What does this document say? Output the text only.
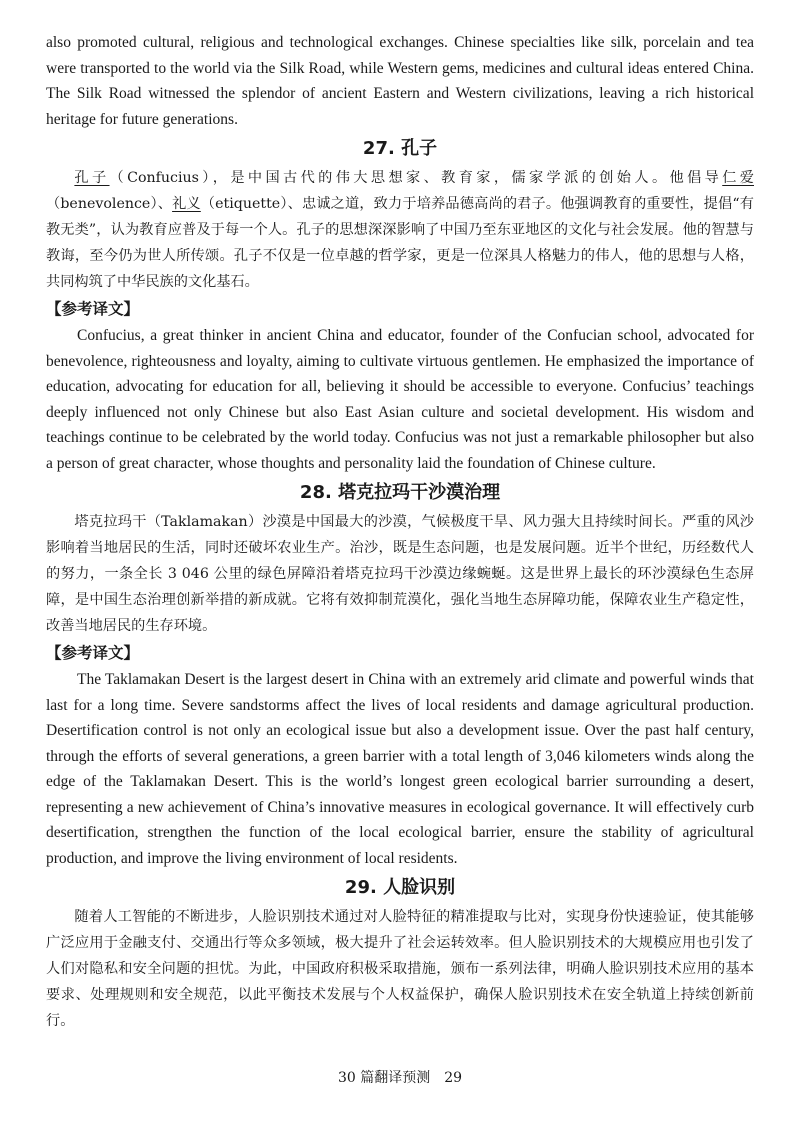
also promoted cultural, religious and technological exchanges. Chinese specialties like silk, porcelain and tea were transported to the world via the Silk Road, while Western gems, medicines and cultural ideas entered China. The Silk Road witnessed the splendor of ancient Eastern and Western civilizations, leaving a rich historical heritage for future generations.

27. 孔子

孔子（Confucius），是中国古代的伟大思想家、教育家，儒家学派的创始人。他倡导仁爱（benevolence）、礼义（etiquette）、忠诚之道，致力于培养品德高尚的君子。他强调教育的重要性，提倡“有教无类”，认为教育应普及于每一个人。孔子的思想深深影响了中国乃至东亚地区的文化与社会发展。他的智慧与教诲，至今仍为世人所传颂。孔子不仅是一位卓越的哲学家，更是一位深具人格魅力的伟人，他的思想与人格，共同构筑了中华民族的文化基石。

【参考译文】

Confucius, a great thinker in ancient China and educator, founder of the Confucian school, advocated for benevolence, righteousness and loyalty, aiming to cultivate virtuous gentlemen. He emphasized the importance of education, advocating for education for all, believing it should be accessible to everyone. Confucius’ teachings deeply influenced not only Chinese but also East Asian culture and societal development. His wisdom and teachings continue to be celebrated by the world today. Confucius was not just a remarkable philosopher but also a person of great character, whose thoughts and personality laid the foundation of Chinese culture.

28. 塔克拉玛干沙漠治理

塔克拉玛干（Taklamakan）沙漠是中国最大的沙漠，气候极度干旱、风力强大且持续时间长。严重的风沙影响着当地居民的生活，同时还破坏农业生产。治沙，既是生态问题，也是发展问题。近半个世纪，历经数代人的努力，一条全长 3 046 公里的绿色屏障沿着塔克拉玛干沙漠边缘蜿蜒。这是世界上最长的环沙漠绿色生态屏障，是中国生态治理创新举措的新成就。它将有效抑制荒漠化，强化当地生态屏障功能，保障农业生产稳定性，改善当地居民的生存环境。

【参考译文】

The Taklamakan Desert is the largest desert in China with an extremely arid climate and powerful winds that last for a long time. Severe sandstorms affect the lives of local residents and damage agricultural production. Desertification control is not only an ecological issue but also a development issue. Over the past half century, through the efforts of several generations, a green barrier with a total length of 3,046 kilometers winds along the edge of the Taklamakan Desert. This is the world’s longest green ecological barrier surrounding a desert, representing a new achievement of China’s innovative measures in ecological governance. It will effectively curb desertification, strengthen the function of the local ecological barrier, ensure the stability of agricultural production, and improve the living environment of local residents.

29. 人脸识别

随着人工智能的不断进步，人脸识别技术通过对人脸特征的精准提取与比对，实现身份快速验证，使其能够广泛应用于金融支付、交通出行等众多领域，极大提升了社会运转效率。但人脸识别技术的大规模应用也引发了人们对隐私和安全问题的担忧。为此，中国政府积极采取措施，颁布一系列法律，明确人脸识别技术应用的基本要求、处理规则和安全规范，以此平衡技术发展与个人权益保护，确保人脸识别技术在安全轨道上持续创新前行。

30 篇翻译预测　29
